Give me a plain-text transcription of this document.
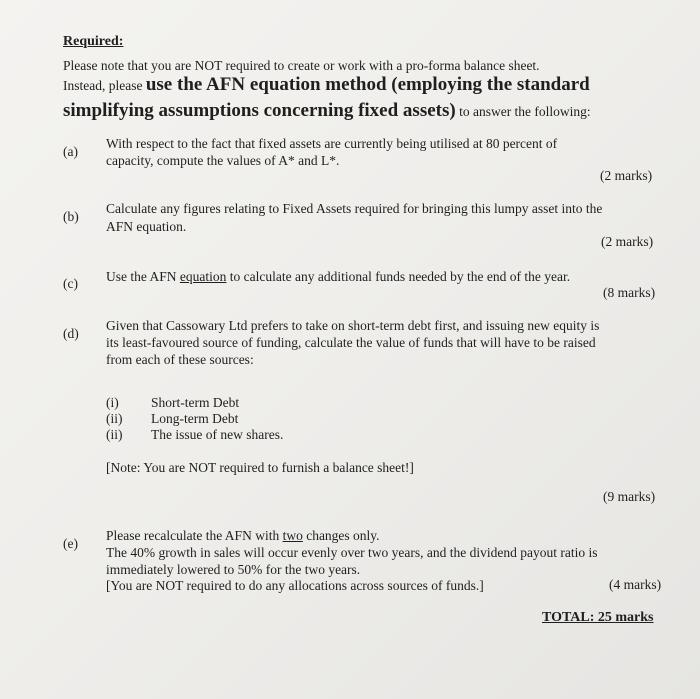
Required:
Please note that you are NOT required to create or work with a pro-forma balance sheet.
Instead, please use the AFN equation method (employing the standard
simplifying assumptions concerning fixed assets) to answer the following:
(a)
With respect to the fact that fixed assets are currently being utilised at 80 percent of
capacity, compute the values of A* and L*.
(2 marks)
(b)
Calculate any figures relating to Fixed Assets required for bringing this lumpy asset into the
AFN equation.
(2 marks)
(c) Use the AFN equation to calculate any additional funds needed by the end of the year.
(8 marks)
(d)
Given that Cassowary Ltd prefers to take on short-term debt first, and issuing new equity is
its least-favoured source of funding, calculate the value of funds that will have to be raised
from each of these sources:
(i) Short-term Debt
(ii) Long-term Debt
(ii) The issue of new shares.
[Note: You are NOT required to furnish a balance sheet!]
(9 marks)
(e)
Please recalculate the AFN with two changes only.
The 40% growth in sales will occur evenly over two years, and the dividend payout ratio is
immediately lowered to 50% for the two years.
[You are NOT required to do any allocations across sources of funds.]	(4 marks)
TOTAL: 25 marks
